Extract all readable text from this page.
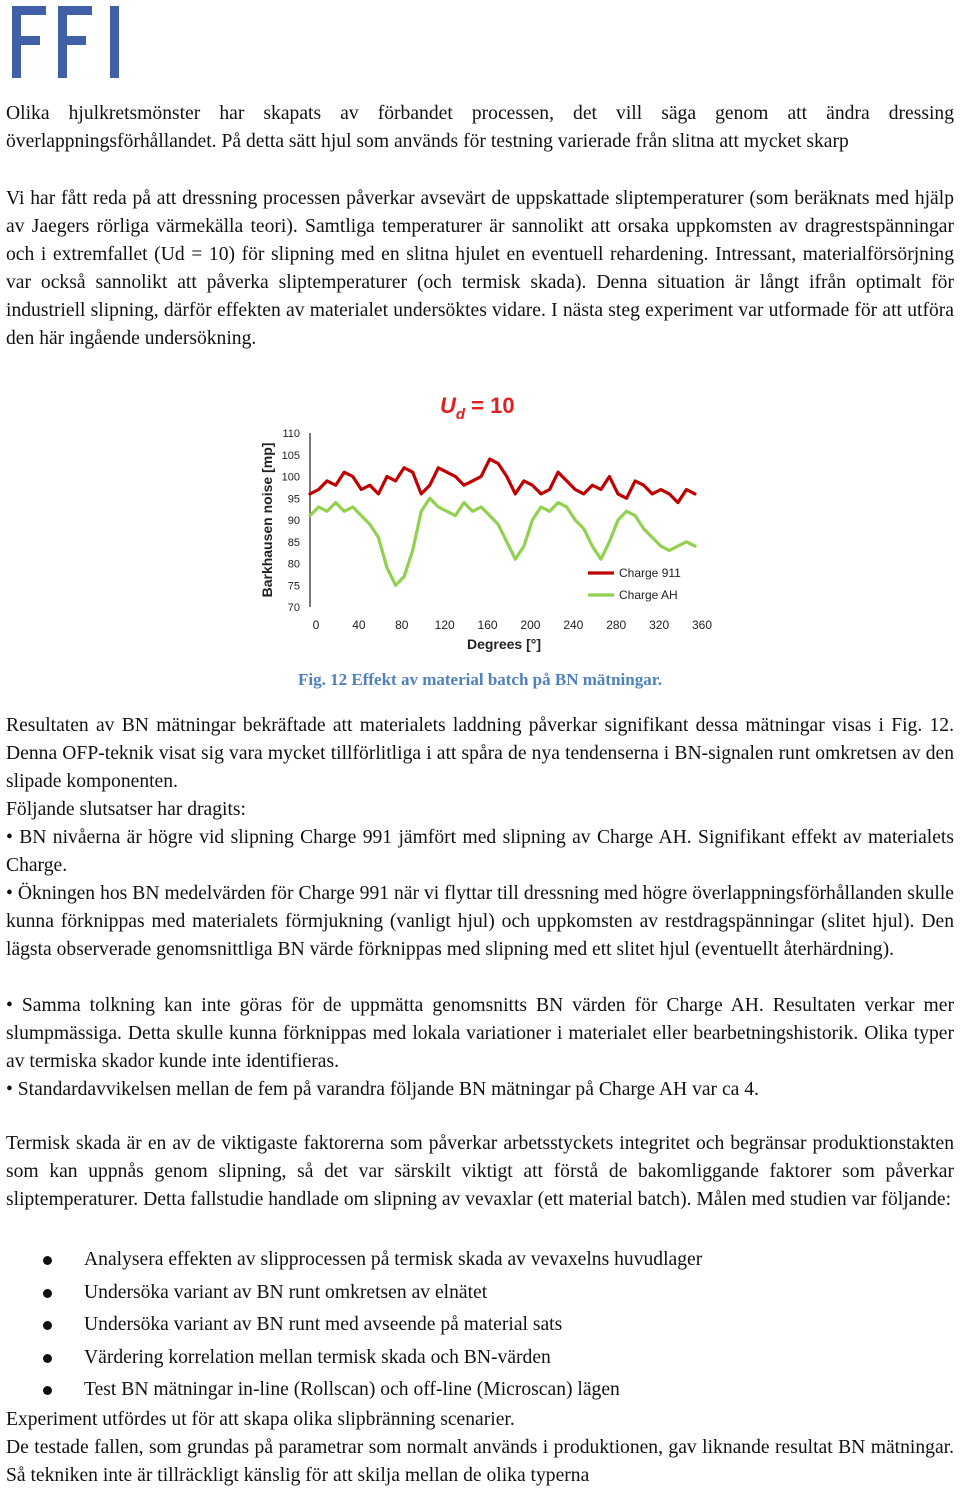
Olika hjulkretsmönster har skapats av förbandet processen, det vill säga genom att ändra dressing överlappningsförhållandet. På detta sätt hjul som används för testning varierade från slitna att mycket skarp

Vi har fått reda på att dressning processen påverkar avsevärt de uppskattade sliptemperaturer (som beräknats med hjälp av Jaegers rörliga värmekälla teori). Samtliga temperaturer är sannolikt att orsaka uppkomsten av dragrestspänningar och i extremfallet (Ud = 10) för slipning med en slitna hjulet en eventuell rehardening. Intressant, materialförsörjning var också sannolikt att påverka sliptemperaturer (och termisk skada). Denna situation är långt ifrån optimalt för industriell slipning, därför effekten av materialet undersöktes vidare. I nästa steg experiment var utformade för att utföra den här ingående undersökning.

$U_d = 10$
Barkhausen noise [mp]
Degrees [°]
110
105
100
95
90
85
80
75
70
0	40 80 120 160 200 240 280 320 360
Charge 911
Charge AH
Fig. 12 Effekt av material batch på BN mätningar.

Resultaten av BN mätningar bekräftade att materialets laddning påverkar signifikant dessa mätningar visas i Fig. 12. Denna OFP-teknik visat sig vara mycket tillförlitliga i att spåra de nya tendenserna i BN-signalen runt omkretsen av den slipade komponenten.

Följande slutsatser har dragits:

• BN nivåerna är högre vid slipning Charge 991 jämfört med slipning av Charge AH. Signifikant effekt av materialets Charge.

• Ökningen hos BN medelvärden för Charge 991 när vi flyttar till dressning med högre överlappningsförhållanden skulle kunna förknippas med materialets förmjukning (vanligt hjul) och uppkomsten av restdragspänningar (slitet hjul). Den lägsta observerade genomsnittliga BN värde förknippas med slipning med ett slitet hjul (eventuellt återhärdning).

• Samma tolkning kan inte göras för de uppmätta genomsnitts BN värden för Charge AH. Resultaten verkar mer slumpmässiga. Detta skulle kunna förknippas med lokala variationer i materialet eller bearbetningshistorik. Olika typer av termiska skador kunde inte identifieras.

• Standardavvikelsen mellan de fem på varandra följande BN mätningar på Charge AH var ca 4.

Termisk skada är en av de viktigaste faktorerna som påverkar arbetsstyckets integritet och begränsar produktionstakten som kan uppnås genom slipning, så det var särskilt viktigt att förstå de bakomliggande faktorer som påverkar sliptemperaturer. Detta fallstudie handlade om slipning av vevaxlar (ett material batch). Målen med studien var följande:

Analysera effekten av slipprocessen på termisk skada av vevaxelns huvudlager
Undersöka variant av BN runt omkretsen av elnätet
Undersöka variant av BN runt med avseende på material sats
Värdering korrelation mellan termisk skada och BN-värden
Test BN mätningar in-line (Rollscan) och off-line (Microscan) lägen

Experiment utfördes ut för att skapa olika slipbränning scenarier.

De testade fallen, som grundas på parametrar som normalt används i produktionen, gav liknande resultat BN mätningar. Så tekniken inte är tillräckligt känslig för att skilja mellan de olika typerna
